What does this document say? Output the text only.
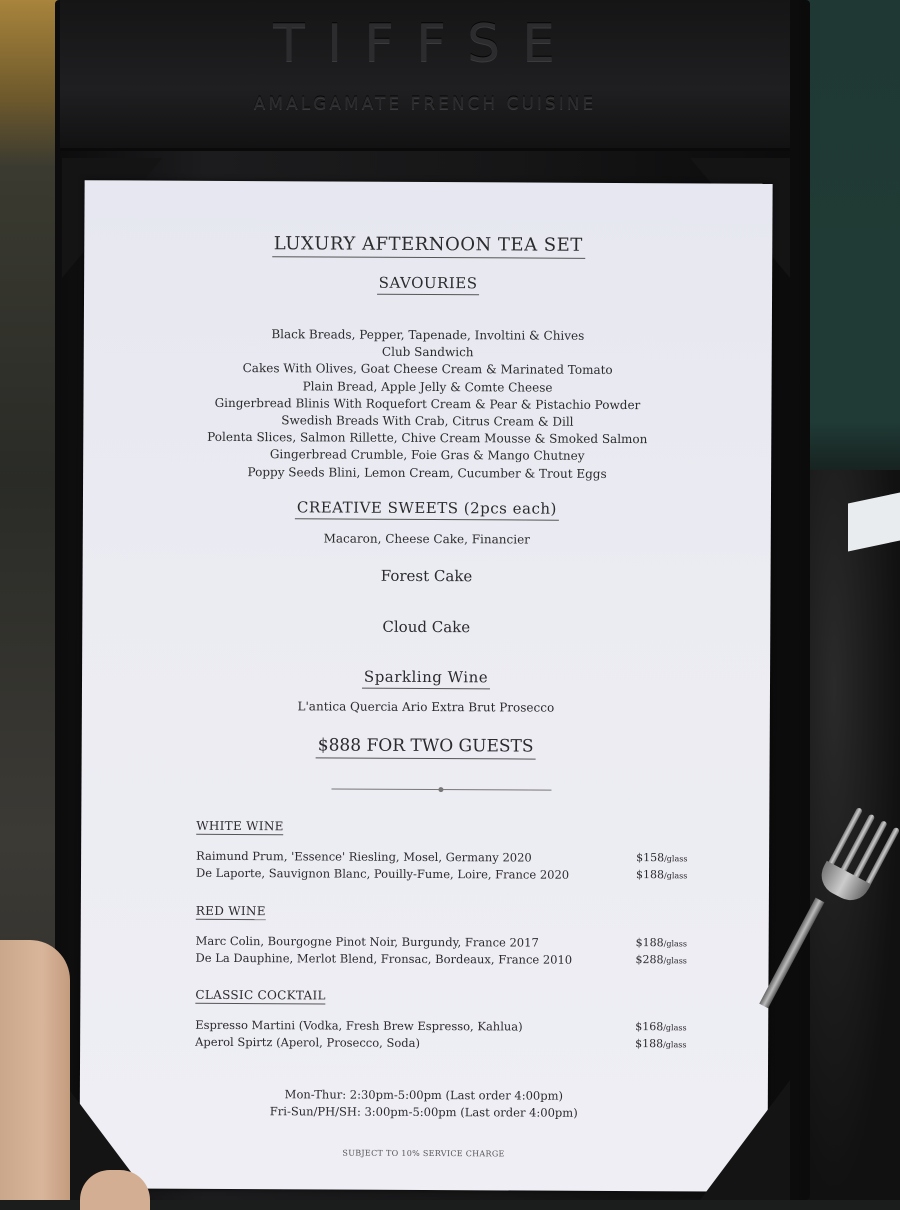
TIFFSE
AMALGAMATE FRENCH CUISINE
LUXURY AFTERNOON TEA SET
SAVOURIES
Black Breads, Pepper, Tapenade, Involtini & Chives
Club Sandwich
Cakes With Olives, Goat Cheese Cream & Marinated Tomato
Plain Bread, Apple Jelly & Comte Cheese
Gingerbread Blinis With Roquefort Cream & Pear & Pistachio Powder
Swedish Breads With Crab, Citrus Cream & Dill
Polenta Slices, Salmon Rillette, Chive Cream Mousse & Smoked Salmon
Gingerbread Crumble, Foie Gras & Mango Chutney
Poppy Seeds Blini, Lemon Cream, Cucumber & Trout Eggs
CREATIVE SWEETS (2pcs each)
Macaron, Cheese Cake, Financier
Forest Cake
Cloud Cake
Sparkling Wine
L'antica Quercia Ario Extra Brut Prosecco
$888 FOR TWO GUESTS
WHITE WINE
Raimund Prum, 'Essence' Riesling, Mosel, Germany 2020	$158/glass
De Laporte, Sauvignon Blanc, Pouilly-Fume, Loire, France 2020	$188/glass
RED WINE
Marc Colin, Bourgogne Pinot Noir, Burgundy, France 2017	$188/glass
De La Dauphine, Merlot Blend, Fronsac, Bordeaux, France 2010	$288/glass
CLASSIC COCKTAIL
Espresso Martini (Vodka, Fresh Brew Espresso, Kahlua)	$168/glass
Aperol Spirtz (Aperol, Prosecco, Soda)	$188/glass
Mon-Thur: 2:30pm-5:00pm (Last order 4:00pm)
Fri-Sun/PH/SH: 3:00pm-5:00pm (Last order 4:00pm)
SUBJECT TO 10% SERVICE CHARGE
